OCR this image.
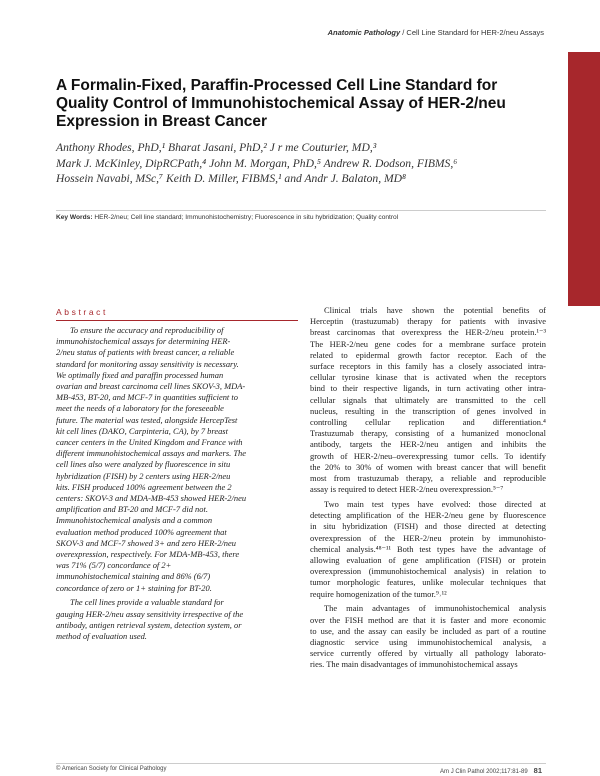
Anatomic Pathology / Cell Line Standard for HER-2/neu Assays
A Formalin-Fixed, Paraffin-Processed Cell Line Standard for Quality Control of Immunohistochemical Assay of HER-2/neu Expression in Breast Cancer
Anthony Rhodes, PhD,¹ Bharat Jasani, PhD,² J r me Couturier, MD,³
Mark J. McKinley, DipRCPath,⁴ John M. Morgan, PhD,⁵ Andrew R. Dodson, FIBMS,⁶
Hossein Navabi, MSc,⁷ Keith D. Miller, FIBMS,¹ and Andr J. Balaton, MD⁸
Key Words: HER-2/neu; Cell line standard; Immunohistochemistry; Fluorescence in situ hybridization; Quality control
Abstract
To ensure the accuracy and reproducibility of
immunohistochemical assays for determining HER-
2/neu status of patients with breast cancer, a reliable
standard for monitoring assay sensitivity is necessary.
We optimally fixed and paraffin processed human
ovarian and breast carcinoma cell lines SKOV-3, MDA-
MB-453, BT-20, and MCF-7 in quantities sufficient to
meet the needs of a laboratory for the foreseeable
future. The material was tested, alongside HercepTest
kit cell lines (DAKO, Carpinteria, CA), by 7 breast
cancer centers in the United Kingdom and France with
different immunohistochemical assays and markers. The
cell lines also were analyzed by fluorescence in situ
hybridization (FISH) by 2 centers using HER-2/neu
kits. FISH produced 100% agreement between the 2
centers: SKOV-3 and MDA-MB-453 showed HER-2/neu
amplification and BT-20 and MCF-7 did not.
Immunohistochemical analysis and a common
evaluation method produced 100% agreement that
SKOV-3 and MCF-7 showed 3+ and zero HER-2/neu
overexpression, respectively. For MDA-MB-453, there
was 71% (5/7) concordance of 2+
immunohistochemical staining and 86% (6/7)
concordance of zero or 1+ staining for BT-20.
The cell lines provide a valuable standard for
gauging HER-2/neu assay sensitivity irrespective of the
antibody, antigen retrieval system, detection system, or
method of evaluation used.
Clinical trials have shown the potential benefits of
Herceptin (trastuzumab) therapy for patients with invasive
breast carcinomas that overexpress the HER-2/neu protein.¹⁻³
The HER-2/neu gene codes for a membrane surface protein
related to epidermal growth factor receptor. Each of the
surface receptors in this family has a closely associated intra-
cellular tyrosine kinase that is activated when the receptors
bind to their respective ligands, in turn activating other intra-
cellular signals that ultimately are transmitted to the cell
nucleus, resulting in the transcription of genes involved in
controlling cellular replication and differentiation.⁴
Trastuzumab therapy, consisting of a humanized monoclonal
antibody, targets the HER-2/neu antigen and inhibits the
growth of HER-2/neu–overexpressing tumor cells. To identify
the 20% to 30% of women with breast cancer that will benefit
most from trastuzumab therapy, a reliable and reproducible
assay is required to detect HER-2/neu overexpression.⁵⁻⁷
Two main test types have evolved: those directed at
detecting amplification of the HER-2/neu gene by fluorescence
in situ hybridization (FISH) and those directed at detecting
overexpression of the HER-2/neu protein by immunohisto-
chemical analysis.⁴⁸⁻¹¹ Both test types have the advantage of
allowing evaluation of gene amplification (FISH) or protein
overexpression (immunohistochemical analysis) in relation to
tumor morphologic features, unlike molecular techniques that
require homogenization of the tumor.⁹˒¹²
The main advantages of immunohistochemical analysis
over the FISH method are that it is faster and more economic
to use, and the assay can easily be included as part of a routine
diagnostic service using immunohistochemical analysis, a
service currently offered by virtually all pathology laborato-
ries. The main disadvantages of immunohistochemical assays
© American Society for Clinical Pathology	Am J Clin Pathol 2002;117:81-89 81
